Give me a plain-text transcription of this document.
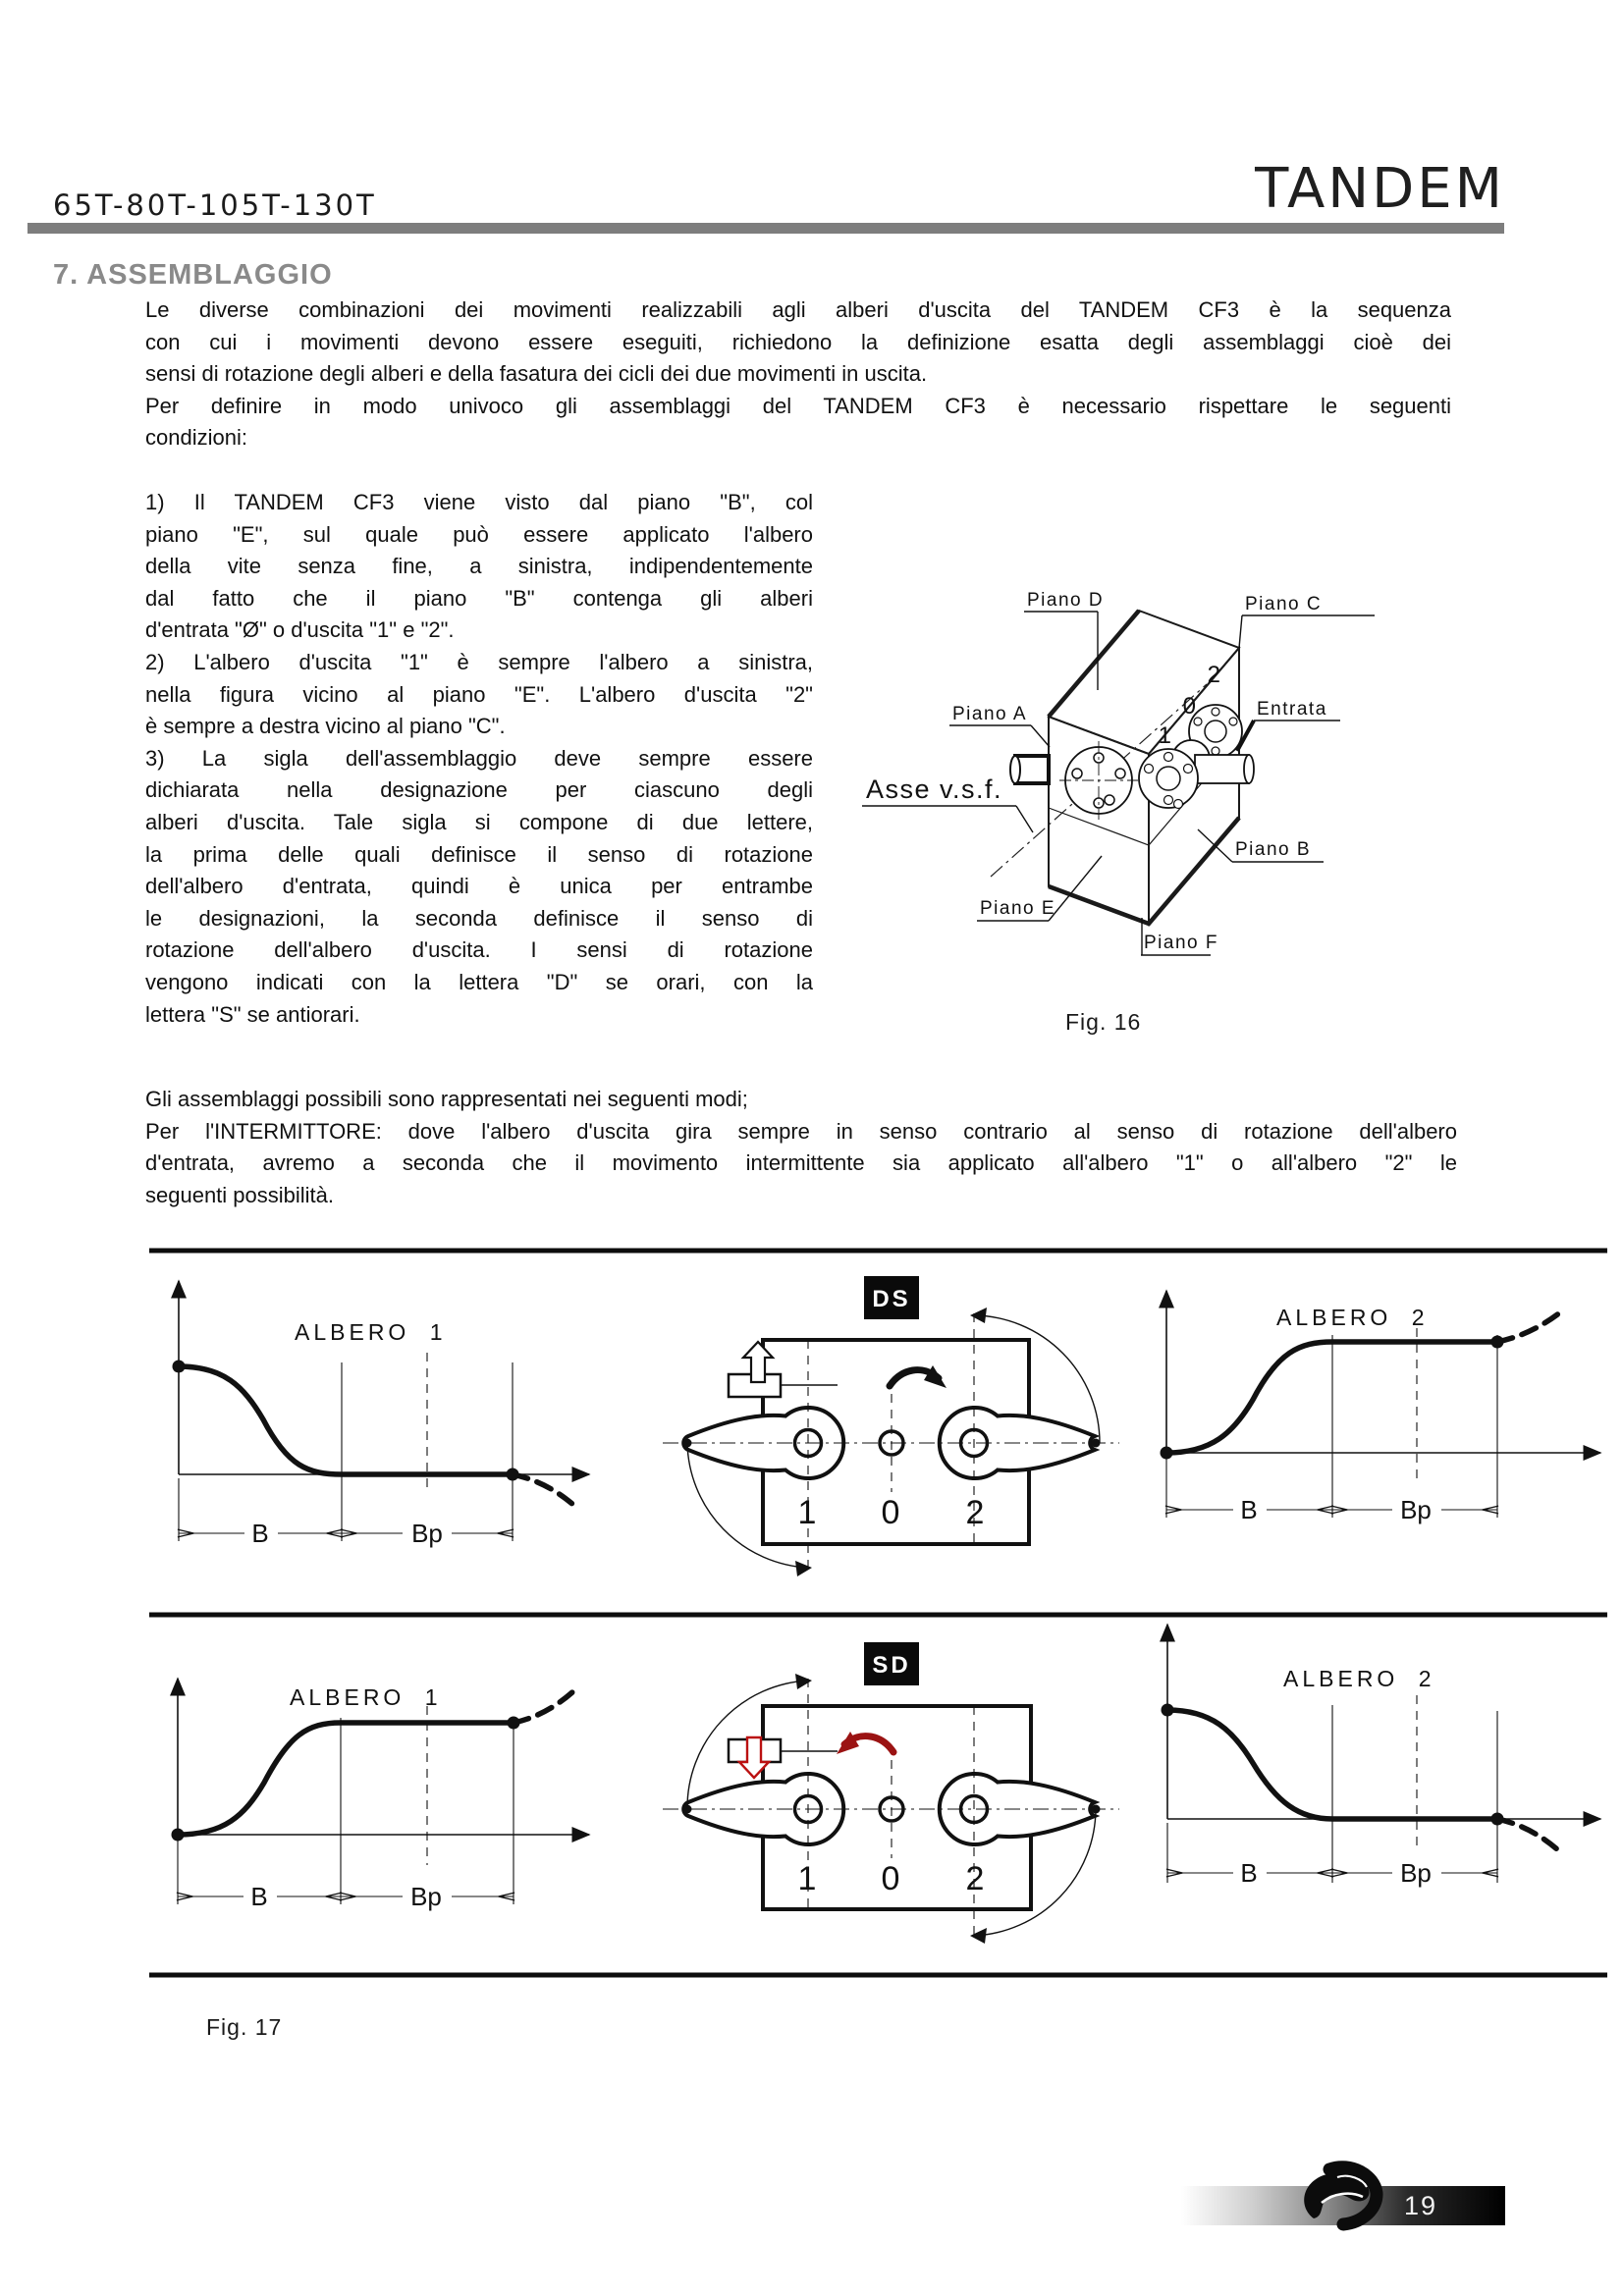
65T-80T-105T-130T	TANDEM
7. ASSEMBLAGGIO
Le diverse combinazioni dei movimenti realizzabili agli alberi d'uscita del TANDEM CF3 è la sequenza
con cui i movimenti devono essere eseguiti, richiedono la definizione esatta degli assemblaggi cioè dei
sensi di rotazione degli alberi e della fasatura dei cicli dei due movimenti in uscita.
Per definire in modo univoco gli assemblaggi del TANDEM CF3 è necessario rispettare le seguenti
condizioni:
1) Il TANDEM CF3 viene visto dal piano "B", col
piano "E", sul quale può essere applicato l'albero
della vite senza fine, a sinistra, indipendentemente
dal fatto che il piano "B" contenga gli alberi
d'entrata "Ø" o d'uscita "1" e "2".
2) L'albero d'uscita "1" è sempre l'albero a sinistra,
nella figura vicino al piano "E". L'albero d'uscita "2"
è sempre a destra vicino al piano "C".
3) La sigla dell'assemblaggio deve sempre essere
dichiarata nella designazione per ciascuno degli
alberi d'uscita. Tale sigla si compone di due lettere,
la prima delle quali definisce il senso di rotazione
dell'albero d'entrata, quindi è unica per entrambe
le designazioni, la seconda definisce il senso di
rotazione dell'albero d'uscita. I sensi di rotazione
vengono indicati con la lettera "D" se orari, con la
lettera "S" se antiorari.
1
0
2
Piano D	Piano C
Piano A	Entrata
Asse v.s.f.
Piano B
Piano E
Piano F
Fig. 16
Gli assemblaggi possibili sono rappresentati nei seguenti modi;
Per l'INTERMITTORE: dove l'albero d'uscita gira sempre in senso contrario al senso di rotazione dell'albero
d'entrata, avremo a seconda che il movimento intermittente sia applicato all'albero "1" o all'albero "2" le
seguenti possibilità.
B	Bp
ALBERO 1
DS
1 0 2	B	Bp
ALBERO 2
B	Bp
ALBERO 1
SD
1 0 2	B	Bp
ALBERO 2
Fig. 17
19
